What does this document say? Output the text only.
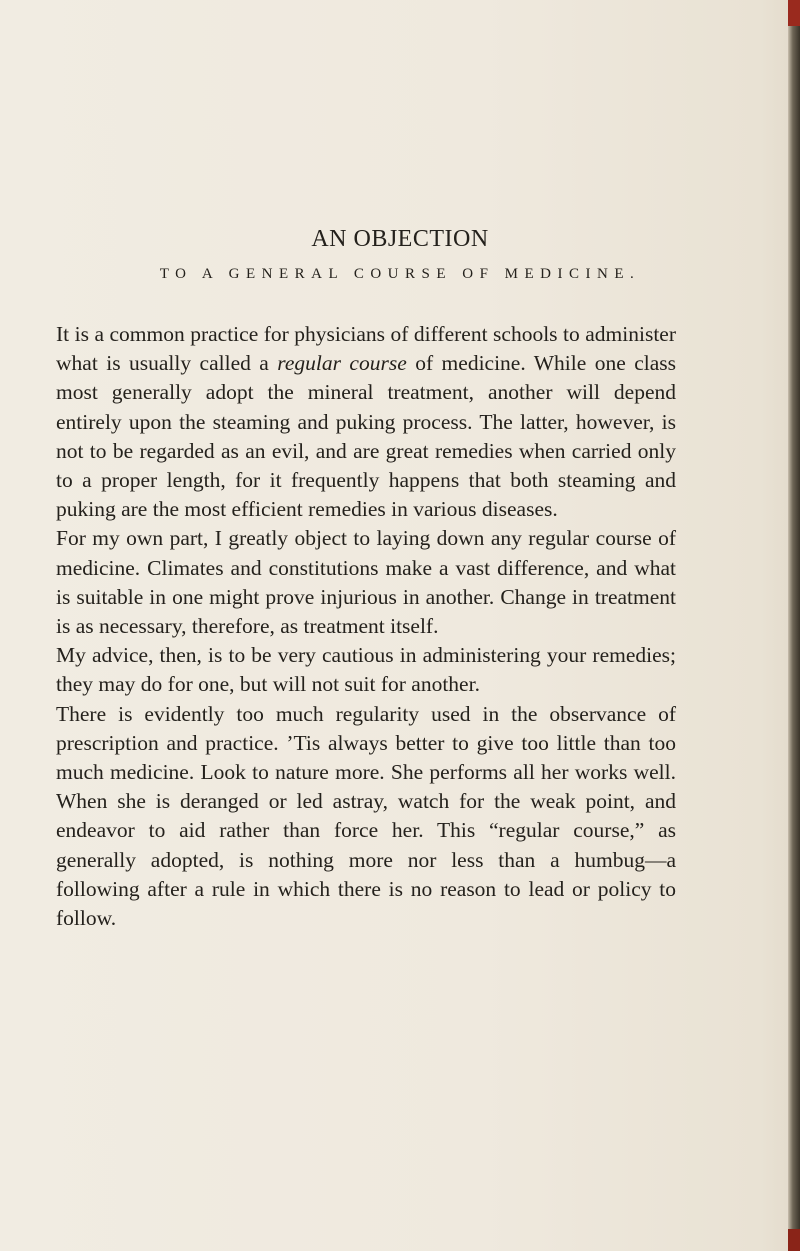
AN OBJECTION
TO A GENERAL COURSE OF MEDICINE.

It is a common practice for physicians of different schools to administer what is usually called a regular course of medicine. While one class most generally adopt the mineral treatment, another will depend entirely upon the steaming and puking process. The latter, however, is not to be regarded as an evil, and are great remedies when carried only to a proper length, for it frequently happens that both steaming and puking are the most efficient remedies in various diseases.

For my own part, I greatly object to laying down any regular course of medicine. Climates and constitutions make a vast difference, and what is suitable in one might prove injurious in another. Change in treatment is as necessary, therefore, as treatment itself.

My advice, then, is to be very cautious in administering your remedies; they may do for one, but will not suit for another.

There is evidently too much regularity used in the observance of prescription and practice. ’Tis always better to give too little than too much medicine. Look to nature more. She performs all her works well. When she is deranged or led astray, watch for the weak point, and endeavor to aid rather than force her. This “regular course,” as generally adopted, is nothing more nor less than a humbug—a following after a rule in which there is no reason to lead or policy to follow.
